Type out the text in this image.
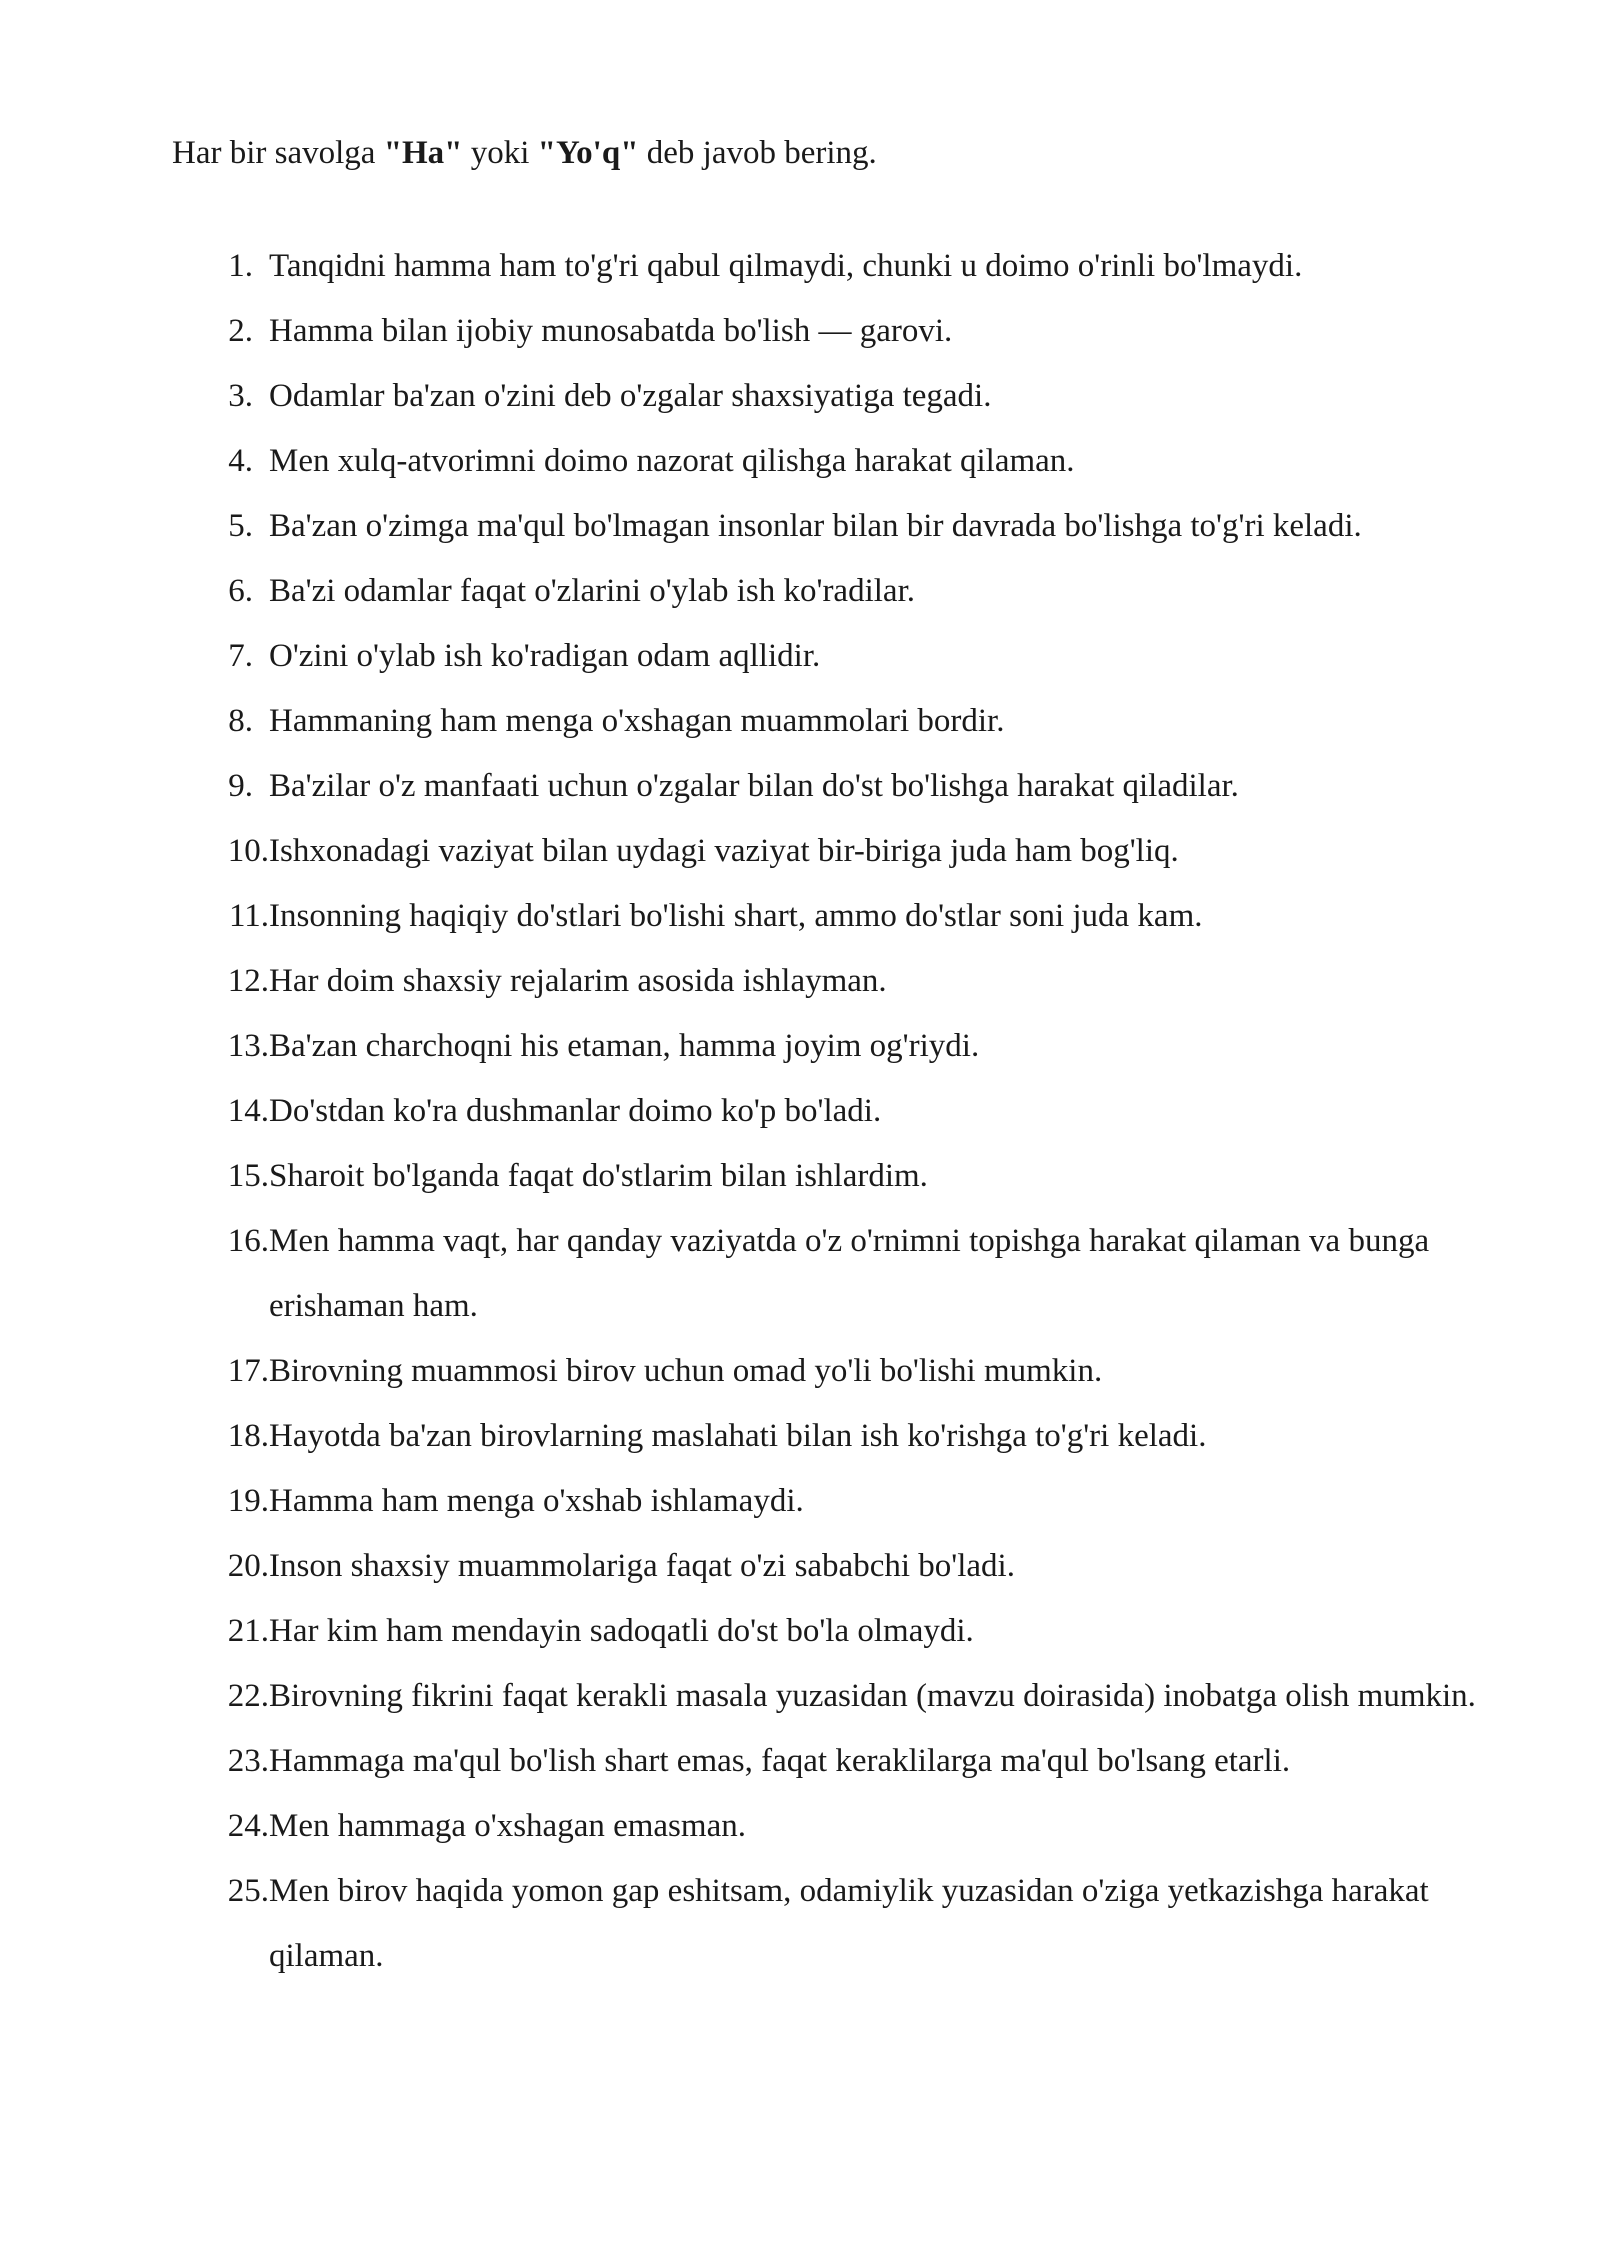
Har bir savolga "Ha" yoki "Yo'q" deb javob bering.

1. Tanqidni hamma ham to'g'ri qabul qilmaydi, chunki u doimo o'rinli bo'lmaydi.
2. Hamma bilan ijobiy munosabatda bo'lish — garovi.
3. Odamlar ba'zan o'zini deb o'zgalar shaxsiyatiga tegadi.
4. Men xulq-atvorimni doimo nazorat qilishga harakat qilaman.
5. Ba'zan o'zimga ma'qul bo'lmagan insonlar bilan bir davrada bo'lishga to'g'ri keladi.
6. Ba'zi odamlar faqat o'zlarini o'ylab ish ko'radilar.
7. O'zini o'ylab ish ko'radigan odam aqllidir.
8. Hammaning ham menga o'xshagan muammolari bordir.
9. Ba'zilar o'z manfaati uchun o'zgalar bilan do'st bo'lishga harakat qiladilar.
10. Ishxonadagi vaziyat bilan uydagi vaziyat bir-biriga juda ham bog'liq.
11. Insonning haqiqiy do'stlari bo'lishi shart, ammo do'stlar soni juda kam.
12. Har doim shaxsiy rejalarim asosida ishlayman.
13. Ba'zan charchoqni his etaman, hamma joyim og'riydi.
14. Do'stdan ko'ra dushmanlar doimo ko'p bo'ladi.
15. Sharoit bo'lganda faqat do'stlarim bilan ishlardim.
16. Men hamma vaqt, har qanday vaziyatda o'z o'rnimni topishga harakat qilaman va bunga erishaman ham.
17. Birovning muammosi birov uchun omad yo'li bo'lishi mumkin.
18. Hayotda ba'zan birovlarning maslahati bilan ish ko'rishga to'g'ri keladi.
19. Hamma ham menga o'xshab ishlamaydi.
20. Inson shaxsiy muammolariga faqat o'zi sababchi bo'ladi.
21. Har kim ham mendayin sadoqatli do'st bo'la olmaydi.
22. Birovning fikrini faqat kerakli masala yuzasidan (mavzu doirasida) inobatga olish mumkin.
23. Hammaga ma'qul bo'lish shart emas, faqat keraklilarga ma'qul bo'lsang etarli.
24. Men hammaga o'xshagan emasman.
25. Men birov haqida yomon gap eshitsam, odamiylik yuzasidan o'ziga yetkazishga harakat qilaman.
